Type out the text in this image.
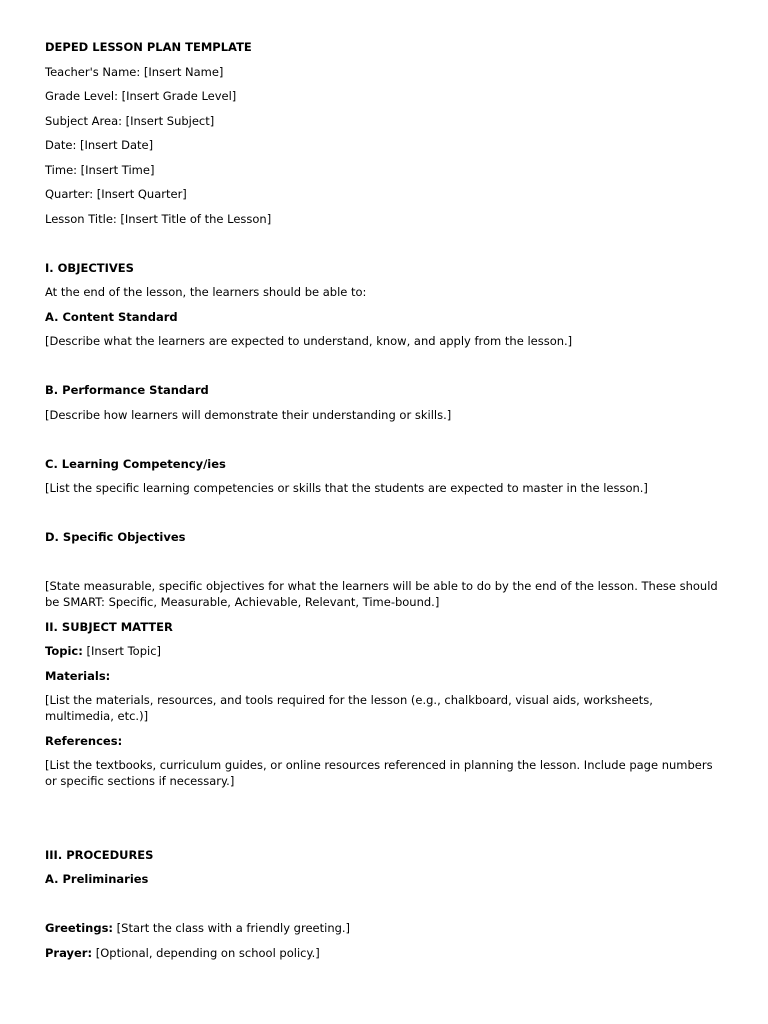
DEPED LESSON PLAN TEMPLATE

Teacher's Name: [Insert Name]

Grade Level: [Insert Grade Level]

Subject Area: [Insert Subject]

Date: [Insert Date]

Time: [Insert Time]

Quarter: [Insert Quarter]

Lesson Title: [Insert Title of the Lesson]

I. OBJECTIVES

At the end of the lesson, the learners should be able to:

A. Content Standard

[Describe what the learners are expected to understand, know, and apply from the lesson.]

B. Performance Standard

[Describe how learners will demonstrate their understanding or skills.]

C. Learning Competency/ies

[List the specific learning competencies or skills that the students are expected to master in the lesson.]

D. Specific Objectives

[State measurable, specific objectives for what the learners will be able to do by the end of the lesson. These should be SMART: Specific, Measurable, Achievable, Relevant, Time-bound.]

II. SUBJECT MATTER

Topic: [Insert Topic]

Materials:

[List the materials, resources, and tools required for the lesson (e.g., chalkboard, visual aids, worksheets, multimedia, etc.)]

References:

[List the textbooks, curriculum guides, or online resources referenced in planning the lesson. Include page numbers or specific sections if necessary.]

III. PROCEDURES

A. Preliminaries

Greetings: [Start the class with a friendly greeting.]

Prayer: [Optional, depending on school policy.]
